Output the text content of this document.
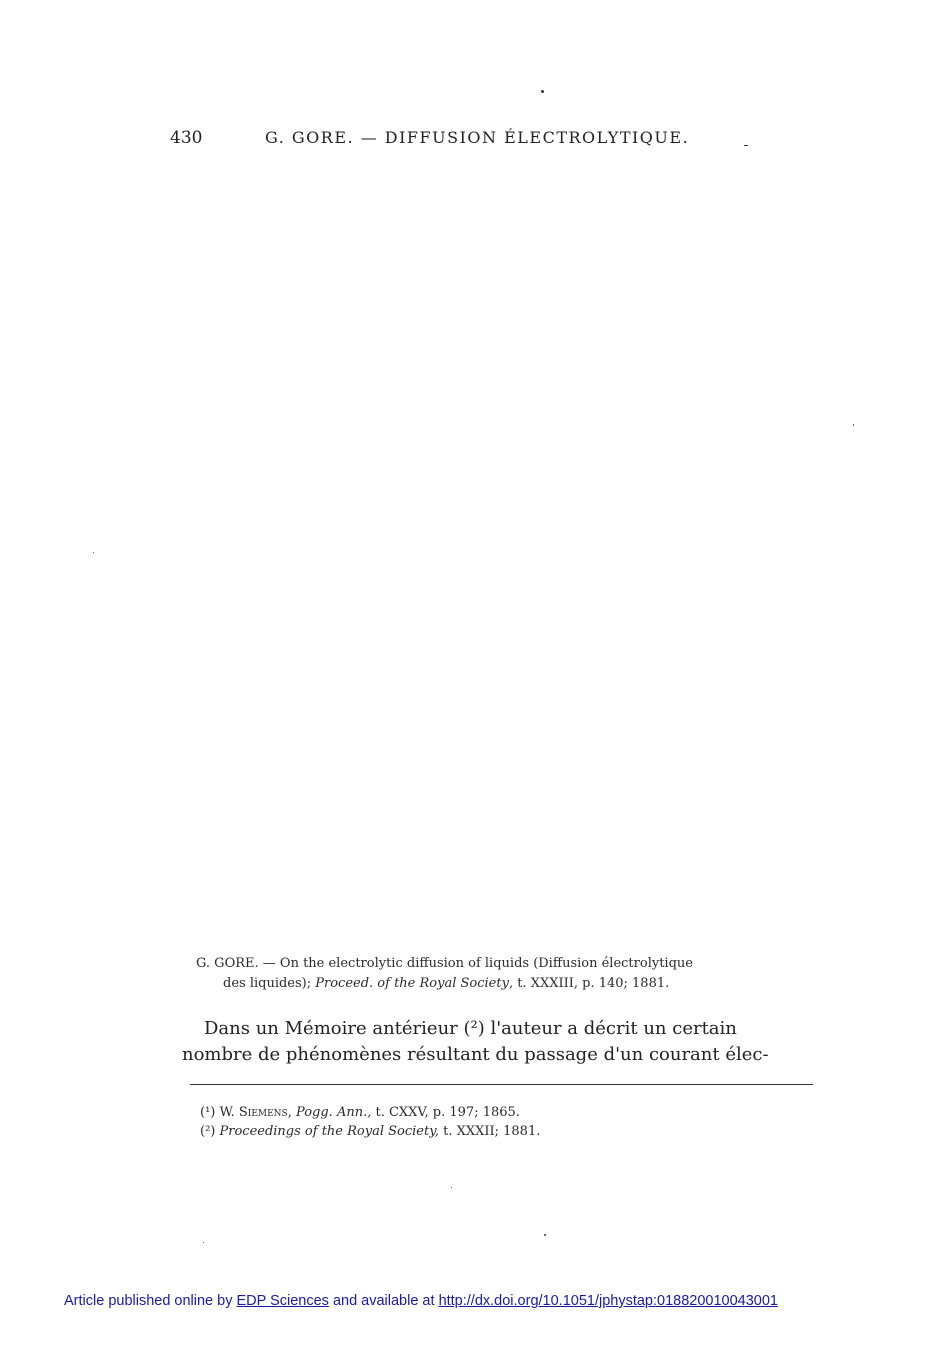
430	G. GORE. — DIFFUSION ÉLECTROLYTIQUE.
G. GORE. — On the electrolytic diffusion of liquids (Diffusion électrolytique
des liquides); Proceed. of the Royal Society, t. XXXIII, p. 140; 1881.
Dans un Mémoire antérieur (²) l'auteur a décrit un certain
nombre de phénomènes résultant du passage d'un courant élec-
(¹) W. Siemens, Pogg. Ann., t. CXXV, p. 197; 1865.
(²) Proceedings of the Royal Society, t. XXXII; 1881.
Article published online by EDP Sciences and available at http://dx.doi.org/10.1051/jphystap:018820010043001
